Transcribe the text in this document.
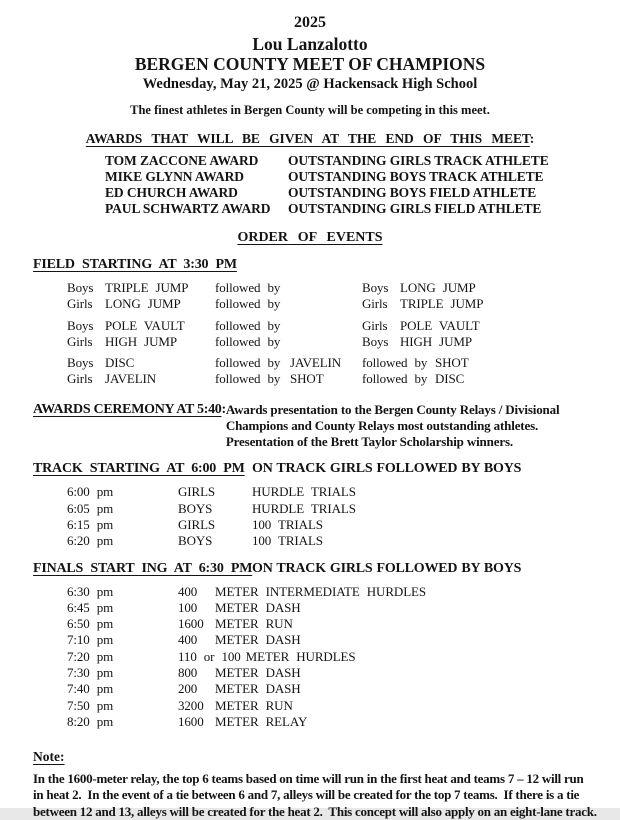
2025
Lou Lanzalotto
BERGEN COUNTY MEET OF CHAMPIONS
Wednesday, May 21, 2025 @ Hackensack High School
The finest athletes in Bergen County will be competing in this meet.
AWARDS THAT WILL BE GIVEN AT THE END OF THIS MEET:
TOM ZACCONE AWARD	OUTSTANDING GIRLS TRACK ATHLETE
MIKE GLYNN AWARD	OUTSTANDING BOYS TRACK ATHLETE
ED CHURCH AWARD	OUTSTANDING BOYS FIELD ATHLETE
PAUL SCHWARTZ AWARD	OUTSTANDING GIRLS FIELD ATHLETE
ORDER OF EVENTS
FIELD STARTING AT 3:30 PM
Boys TRIPLE JUMP	followed by	Boys LONG JUMP
Girls LONG JUMP	followed by	Girls TRIPLE JUMP
Boys POLE VAULT	followed by	Girls POLE VAULT
Girls HIGH JUMP	followed by	Boys HIGH JUMP
Boys DISC	followed by JAVELIN	followed by SHOT
Girls JAVELIN	followed by SHOT	followed by DISC
AWARDS CEREMONY AT 5:40: Awards presentation to the Bergen County Relays / Divisional
Champions and County Relays most outstanding athletes.
Presentation of the Brett Taylor Scholarship winners.
TRACK STARTING AT 6:00 PM ON TRACK GIRLS FOLLOWED BY BOYS
6:00 pm	GIRLS	HURDLE TRIALS
6:05 pm	BOYS	HURDLE TRIALS
6:15 pm	GIRLS	100 TRIALS
6:20 pm	BOYS	100 TRIALS
FINALS START ING AT 6:30 PM ON TRACK GIRLS FOLLOWED BY BOYS
6:30 pm	400	METER INTERMEDIATE HURDLES
6:45 pm	100	METER DASH
6:50 pm	1600 METER RUN
7:10 pm	400	METER DASH
7:20 pm	110 or 100 METER HURDLES
7:30 pm	800	METER DASH
7:40 pm	200	METER DASH
7:50 pm	3200 METER RUN
8:20 pm	1600 METER RELAY
Note:
In the 1600-meter relay, the top 6 teams based on time will run in the first heat and teams 7 – 12 will run
in heat 2.  In the event of a tie between 6 and 7, alleys will be created for the top 7 teams.  If there is a tie
between 12 and 13, alleys will be created for the heat 2.  This concept will also apply on an eight-lane track.
